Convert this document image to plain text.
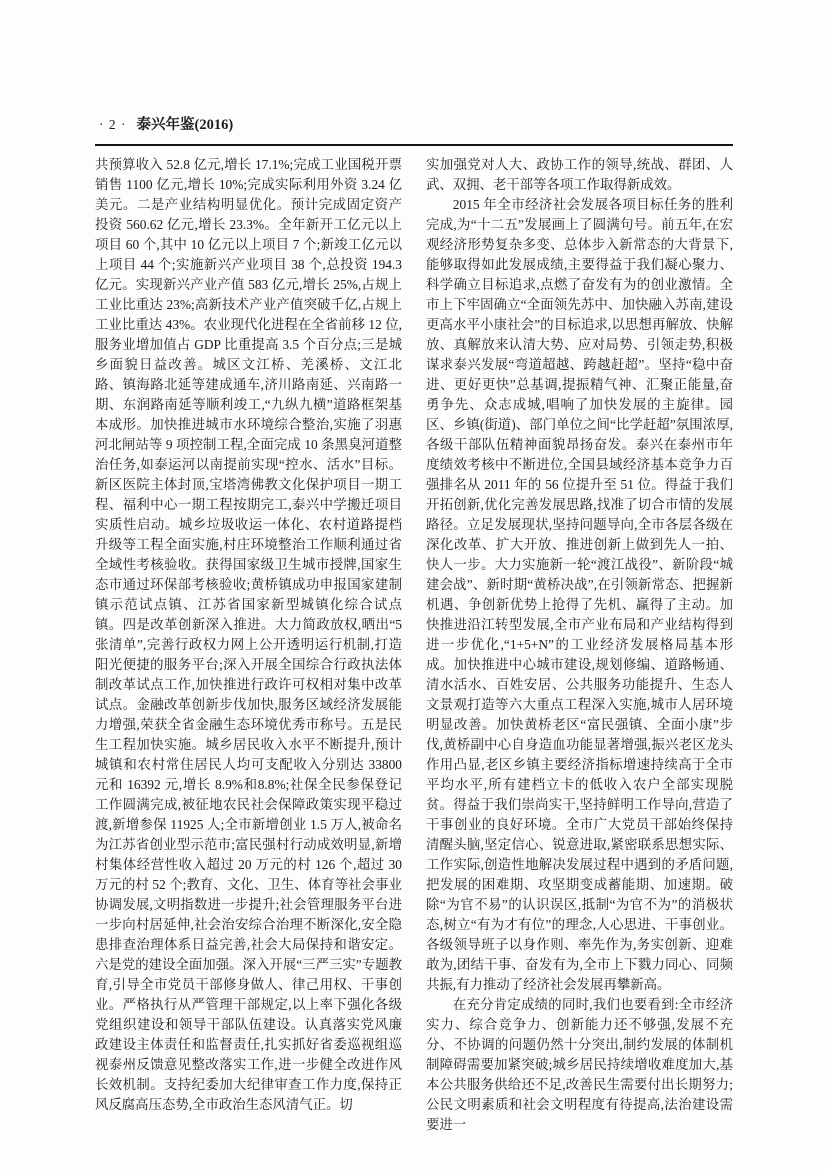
· 2 · 泰兴年鉴(2016)

共预算收入 52.8 亿元,增长 17.1%;完成工业国税开票销售 1100 亿元,增长 10%;完成实际利用外资 3.24 亿美元。二是产业结构明显优化。预计完成固定资产投资 560.62 亿元,增长 23.3%。全年新开工亿元以上项目 60 个,其中 10 亿元以上项目 7 个;新竣工亿元以上项目 44 个;实施新兴产业项目 38 个,总投资 194.3 亿元。实现新兴产业产值 583 亿元,增长 25%,占规上工业比重达 23%;高新技术产业产值突破千亿,占规上工业比重达 43%。农业现代化进程在全省前移 12 位,服务业增加值占 GDP 比重提高 3.5 个百分点;三是城乡面貌日益改善。城区文江桥、羌溪桥、文江北路、镇海路北延等建成通车,济川路南延、兴南路一期、东润路南延等顺利竣工,“九纵九横”道路框架基本成形。加快推进城市水环境综合整治,实施了羽惠河北闸站等 9 项控制工程,全面完成 10 条黑臭河道整治任务,如泰运河以南提前实现“控水、活水”目标。新区医院主体封顶,宝塔湾佛教文化保护项目一期工程、福利中心一期工程按期完工,泰兴中学搬迁项目实质性启动。城乡垃圾收运一体化、农村道路提档升级等工程全面实施,村庄环境整治工作顺利通过省全域性考核验收。获得国家级卫生城市授牌,国家生态市通过环保部考核验收;黄桥镇成功申报国家建制镇示范试点镇、江苏省国家新型城镇化综合试点镇。四是改革创新深入推进。大力简政放权,晒出“5 张清单”,完善行政权力网上公开透明运行机制,打造阳光便捷的服务平台;深入开展全国综合行政执法体制改革试点工作,加快推进行政许可权相对集中改革试点。金融改革创新步伐加快,服务区域经济发展能力增强,荣获全省金融生态环境优秀市称号。五是民生工程加快实施。城乡居民收入水平不断提升,预计城镇和农村常住居民人均可支配收入分别达 33800 元和 16392 元,增长 8.9%和8.8%;社保全民参保登记工作圆满完成,被征地农民社会保障政策实现平稳过渡,新增参保 11925 人;全市新增创业 1.5 万人,被命名为江苏省创业型示范市;富民强村行动成效明显,新增村集体经营性收入超过 20 万元的村 126 个,超过 30 万元的村 52 个;教育、文化、卫生、体育等社会事业协调发展,文明指数进一步提升;社会管理服务平台进一步向村居延伸,社会治安综合治理不断深化,安全隐患排查治理体系日益完善,社会大局保持和谐安定。六是党的建设全面加强。深入开展“三严三实”专题教育,引导全市党员干部修身做人、律己用权、干事创业。严格执行从严管理干部规定,以上率下强化各级党组织建设和领导干部队伍建设。认真落实党风廉政建设主体责任和监督责任,扎实抓好省委巡视组巡视泰州反馈意见整改落实工作,进一步健全改进作风长效机制。支持纪委加大纪律审查工作力度,保持正风反腐高压态势,全市政治生态风清气正。切

实加强党对人大、政协工作的领导,统战、群团、人武、双拥、老干部等各项工作取得新成效。

2015 年全市经济社会发展各项目标任务的胜利完成,为“十二五”发展画上了圆满句号。前五年,在宏观经济形势复杂多变、总体步入新常态的大背景下,能够取得如此发展成绩,主要得益于我们凝心聚力、科学确立目标追求,点燃了奋发有为的创业激情。全市上下牢固确立“全面领先苏中、加快融入苏南,建设更高水平小康社会”的目标追求,以思想再解放、快解放、真解放来认清大势、应对局势、引领走势,积极谋求泰兴发展“弯道超越、跨越赶超”。坚持“稳中奋进、更好更快”总基调,提振精气神、汇聚正能量,奋勇争先、众志成城,唱响了加快发展的主旋律。园区、乡镇(街道)、部门单位之间“比学赶超”氛围浓厚,各级干部队伍精神面貌昂扬奋发。泰兴在泰州市年度绩效考核中不断进位,全国县域经济基本竞争力百强排名从 2011 年的 56 位提升至 51 位。得益于我们开拓创新,优化完善发展思路,找准了切合市情的发展路径。立足发展现状,坚持问题导向,全市各层各级在深化改革、扩大开放、推进创新上做到先人一拍、快人一步。大力实施新一轮“渡江战役”、新阶段“城建会战”、新时期“黄桥决战”,在引领新常态、把握新机遇、争创新优势上抢得了先机、赢得了主动。加快推进沿江转型发展,全市产业布局和产业结构得到进一步优化,“1+5+N”的工业经济发展格局基本形成。加快推进中心城市建设,规划修编、道路畅通、清水活水、百姓安居、公共服务功能提升、生态人文景观打造等六大重点工程深入实施,城市人居环境明显改善。加快黄桥老区“富民强镇、全面小康”步伐,黄桥副中心自身造血功能显著增强,振兴老区龙头作用凸显,老区乡镇主要经济指标增速持续高于全市平均水平,所有建档立卡的低收入农户全部实现脱贫。得益于我们崇尚实干,坚持鲜明工作导向,营造了干事创业的良好环境。全市广大党员干部始终保持清醒头脑,坚定信心、锐意进取,紧密联系思想实际、工作实际,创造性地解决发展过程中遇到的矛盾问题,把发展的困难期、攻坚期变成蓄能期、加速期。破除“为官不易”的认识误区,抵制“为官不为”的消极状态,树立“有为才有位”的理念,人心思进、干事创业。各级领导班子以身作则、率先作为,务实创新、迎难敢为,团结干事、奋发有为,全市上下戮力同心、同频共振,有力推动了经济社会发展再攀新高。

在充分肯定成绩的同时,我们也要看到:全市经济实力、综合竞争力、创新能力还不够强,发展不充分、不协调的问题仍然十分突出,制约发展的体制机制障碍需要加紧突破;城乡居民持续增收难度加大,基本公共服务供给还不足,改善民生需要付出长期努力;公民文明素质和社会文明程度有待提高,法治建设需要进一
